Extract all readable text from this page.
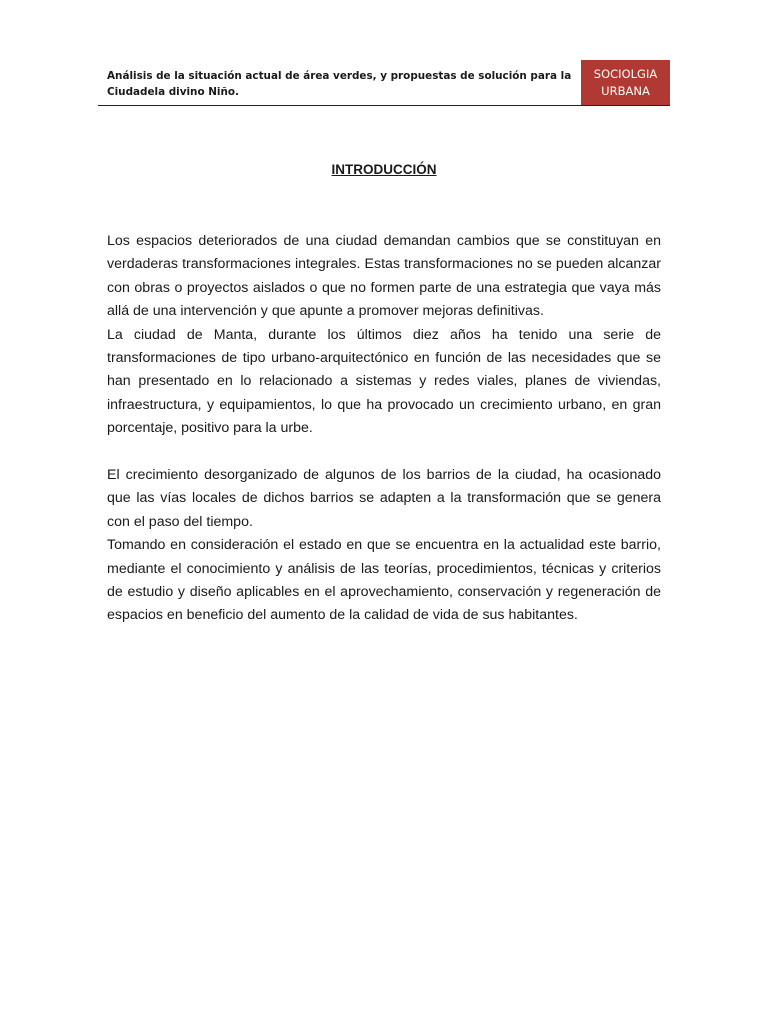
Análisis de la situación actual de área verdes, y propuestas de solución para la Ciudadela divino Niño.
SOCIOLGIA
URBANA
INTRODUCCIÓN

Los espacios deteriorados de una ciudad demandan cambios que se constituyan en verdaderas transformaciones integrales. Estas transformaciones no se pueden alcanzar con obras o proyectos aislados o que no formen parte de una estrategia que vaya más allá de una intervención y que apunte a promover mejoras definitivas.

La ciudad de Manta, durante los últimos diez años ha tenido una serie de transformaciones de tipo urbano-arquitectónico en función de las necesidades que se han presentado en lo relacionado a sistemas y redes viales, planes de viviendas, infraestructura, y equipamientos, lo que ha provocado un crecimiento urbano, en gran porcentaje, positivo para la urbe.

El crecimiento desorganizado de algunos de los barrios de la ciudad, ha ocasionado que las vías locales de dichos barrios se adapten a la transformación que se genera con el paso del tiempo.

Tomando en consideración el estado en que se encuentra en la actualidad este barrio, mediante el conocimiento y análisis de las teorías, procedimientos, técnicas y criterios de estudio y diseño aplicables en el aprovechamiento, conservación y regeneración de espacios en beneficio del aumento de la calidad de vida de sus habitantes.
